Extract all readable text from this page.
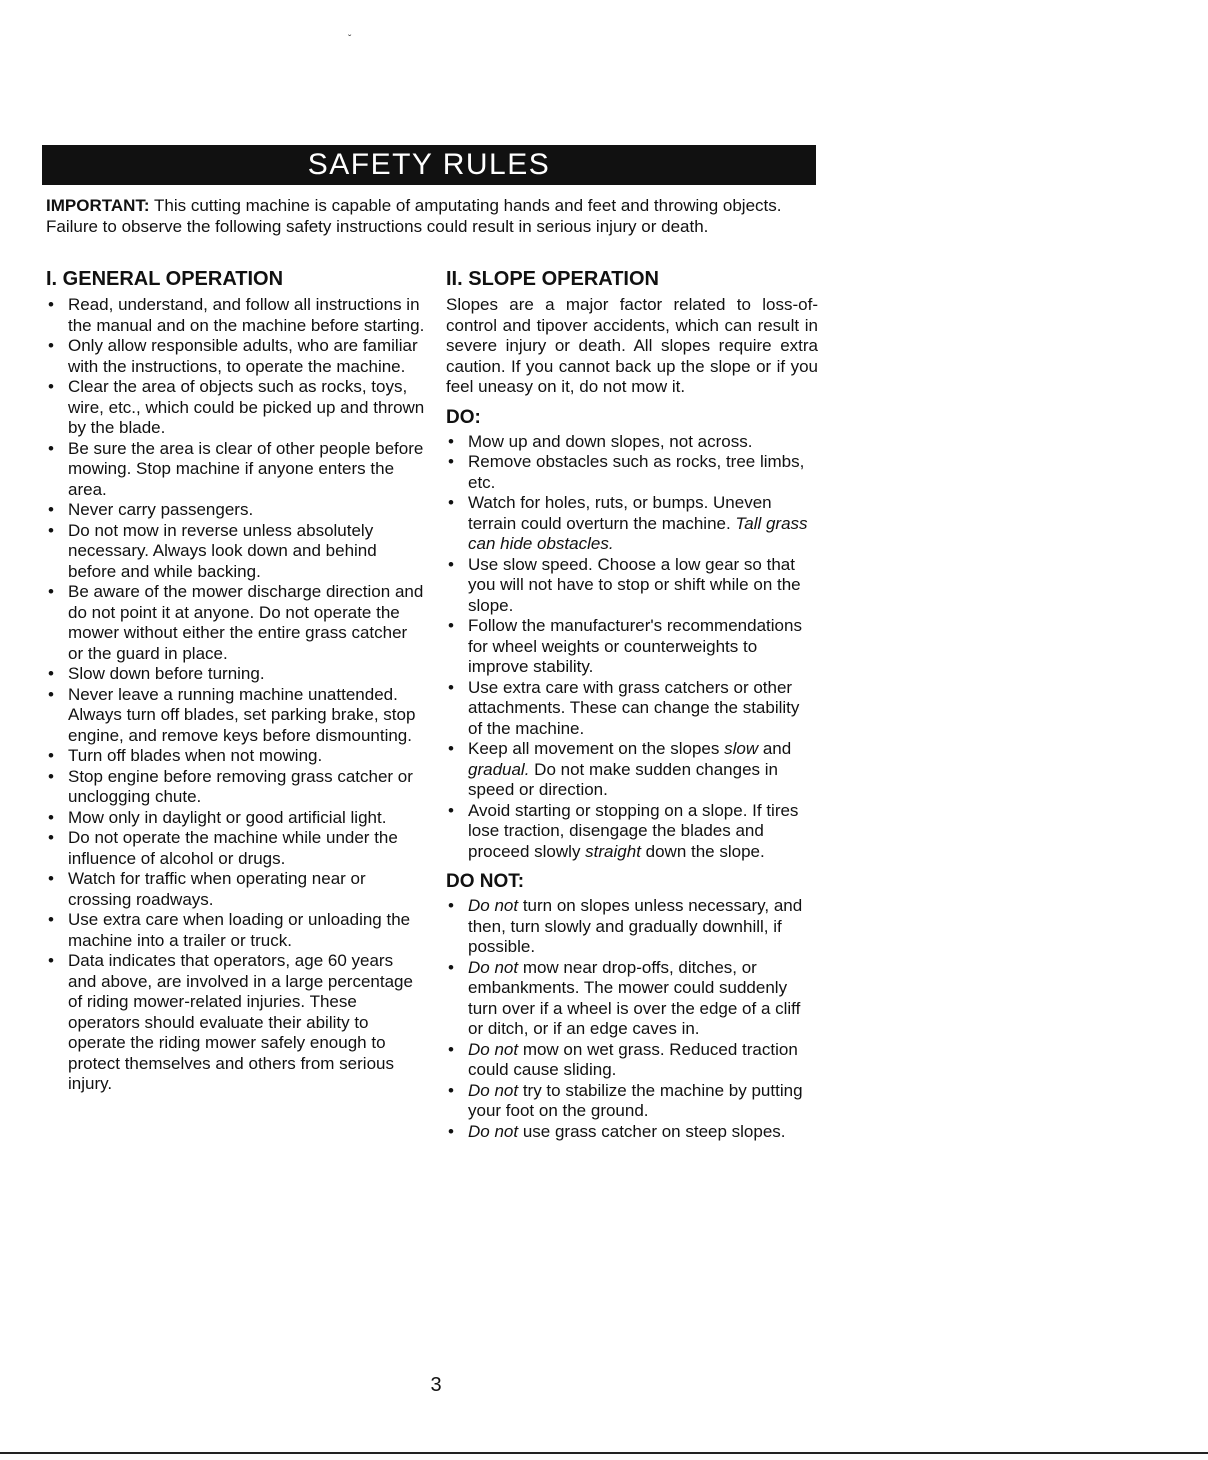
ˇ
SAFETY RULES
IMPORTANT: This cutting machine is capable of amputating hands and feet and throwing objects. Failure to observe the following safety instructions could result in serious injury or death.
I. GENERAL OPERATION
• Read, understand, and follow all instructions in the manual and on the machine before starting.
• Only allow responsible adults, who are familiar with the instructions, to operate the machine.
• Clear the area of objects such as rocks, toys, wire, etc., which could be picked up and thrown by the blade.
• Be sure the area is clear of other people before mowing. Stop machine if anyone enters the area.
• Never carry passengers.
• Do not mow in reverse unless absolutely necessary. Always look down and behind before and while backing.
• Be aware of the mower discharge direction and do not point it at anyone. Do not operate the mower without either the entire grass catcher or the guard in place.
• Slow down before turning.
• Never leave a running machine unattended. Always turn off blades, set parking brake, stop engine, and remove keys before dismounting.
• Turn off blades when not mowing.
• Stop engine before removing grass catcher or unclogging chute.
• Mow only in daylight or good artificial light.
• Do not operate the machine while under the influence of alcohol or drugs.
• Watch for traffic when operating near or crossing roadways.
• Use extra care when loading or unloading the machine into a trailer or truck.
• Data indicates that operators, age 60 years and above, are involved in a large percentage of riding mower-related injuries. These operators should evaluate their ability to operate the riding mower safely enough to protect themselves and others from serious injury.
II. SLOPE OPERATION

Slopes are a major factor related to loss-of-control and tipover accidents, which can result in severe injury or death. All slopes require extra caution. If you cannot back up the slope or if you feel uneasy on it, do not mow it.

DO:
• Mow up and down slopes, not across.
• Remove obstacles such as rocks, tree limbs, etc.
• Watch for holes, ruts, or bumps. Uneven terrain could overturn the machine. Tall grass can hide obstacles.
• Use slow speed. Choose a low gear so that you will not have to stop or shift while on the slope.
• Follow the manufacturer's recommendations for wheel weights or counterweights to improve stability.
• Use extra care with grass catchers or other attachments. These can change the stability of the machine.
• Keep all movement on the slopes slow and gradual. Do not make sudden changes in speed or direction.
• Avoid starting or stopping on a slope. If tires lose traction, disengage the blades and proceed slowly straight down the slope.
DO NOT:
• Do not turn on slopes unless necessary, and then, turn slowly and gradually downhill, if possible.
• Do not mow near drop-offs, ditches, or embankments. The mower could suddenly turn over if a wheel is over the edge of a cliff or ditch, or if an edge caves in.
• Do not mow on wet grass. Reduced traction could cause sliding.
• Do not try to stabilize the machine by putting your foot on the ground.
• Do not use grass catcher on steep slopes.
3
